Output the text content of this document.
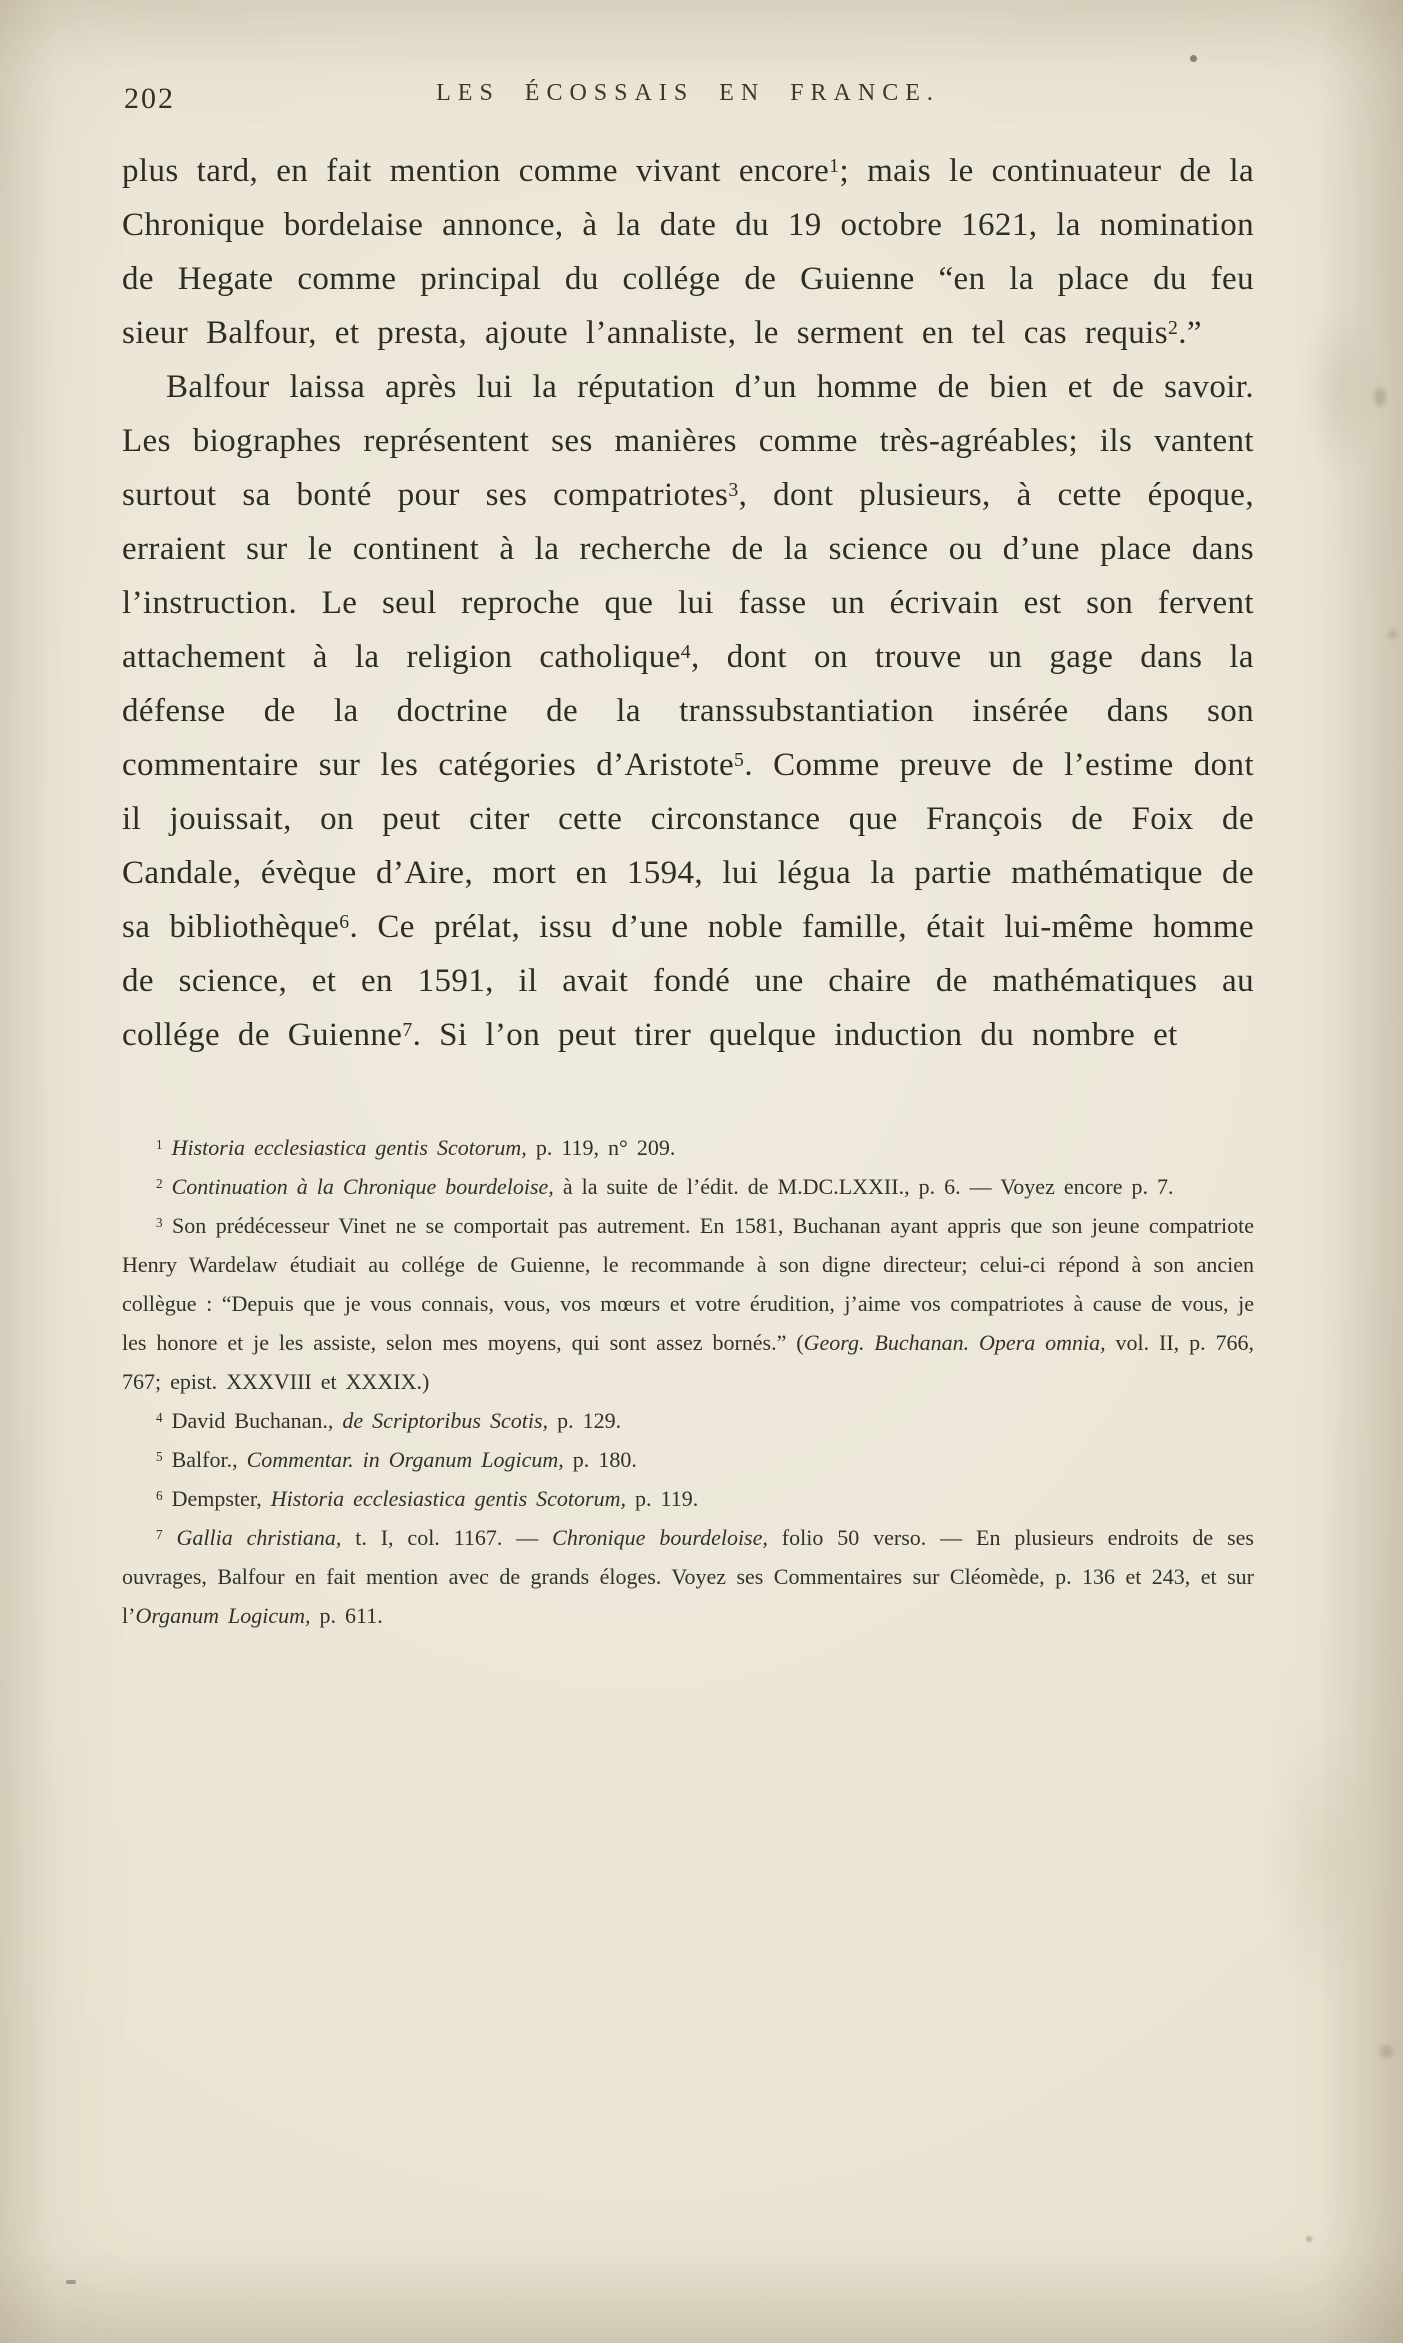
202	LES ÉCOSSAIS EN FRANCE.

plus tard, en fait mention comme vivant encore$^1$; mais le continuateur de la Chronique bordelaise annonce, à la date du 19 octobre 1621, la nomination de Hegate comme principal du collége de Guienne “en la place du feu sieur Balfour, et presta, ajoute l’annaliste, le serment en tel cas requis$^2$.”

Balfour laissa après lui la réputation d’un homme de bien et de savoir. Les biographes représentent ses manières comme très-agréables; ils vantent surtout sa bonté pour ses compatriotes$^3$, dont plusieurs, à cette époque, erraient sur le continent à la recherche de la science ou d’une place dans l’instruction. Le seul reproche que lui fasse un écrivain est son fervent attachement à la religion catholique$^4$, dont on trouve un gage dans la défense de la doctrine de la transsubstantiation insérée dans son commentaire sur les catégories d’Aristote$^5$. Comme preuve de l’estime dont il jouissait, on peut citer cette circonstance que François de Foix de Candale, évèque d’Aire, mort en 1594, lui légua la partie mathématique de sa bibliothèque$^6$. Ce prélat, issu d’une noble famille, était lui-même homme de science, et en 1591, il avait fondé une chaire de mathématiques au collége de Guienne$^7$. Si l’on peut tirer quelque induction du nombre et

$^1$ Historia ecclesiastica gentis Scotorum, p. 119, n° 209.

$^2$ Continuation à la Chronique bourdeloise, à la suite de l’édit. de M.DC.LXXII., p. 6. — Voyez encore p. 7.

$^3$ Son prédécesseur Vinet ne se comportait pas autrement. En 1581, Buchanan ayant appris que son jeune compatriote Henry Wardelaw étudiait au collége de Guienne, le recommande à son digne directeur; celui-ci répond à son ancien collègue : “Depuis que je vous connais, vous, vos mœurs et votre érudition, j’aime vos compatriotes à cause de vous, je les honore et je les assiste, selon mes moyens, qui sont assez bornés.” (Georg. Buchanan. Opera omnia, vol. II, p. 766, 767; epist. XXXVIII et XXXIX.)

$^4$ David Buchanan., de Scriptoribus Scotis, p. 129.

$^5$ Balfor., Commentar. in Organum Logicum, p. 180.

$^6$ Dempster, Historia ecclesiastica gentis Scotorum, p. 119.

$^7$ Gallia christiana, t. I, col. 1167. — Chronique bourdeloise, folio 50 verso. — En plusieurs endroits de ses ouvrages, Balfour en fait mention avec de grands éloges. Voyez ses Commentaires sur Cléomède, p. 136 et 243, et sur l’Organum Logicum, p. 611.
